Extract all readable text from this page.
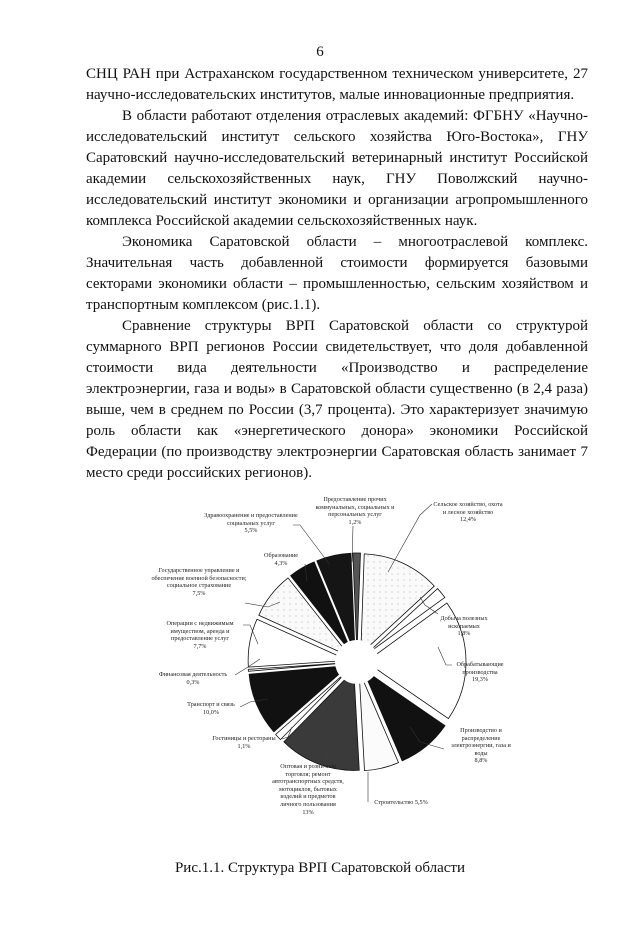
6

СНЦ РАН при Астраханском государственном техническом университете, 27 научно-исследовательских институтов, малые инновационные предприятия.

В области работают отделения отраслевых академий: ФГБНУ «Научно-исследовательский институт сельского хозяйства Юго-Востока», ГНУ Саратовский научно-исследовательский ветеринарный институт Российской академии сельскохозяйственных наук, ГНУ Поволжский научно-исследовательский институт экономики и организации агропромышленного комплекса Российской академии сельскохозяйственных наук.

Экономика Саратовской области – многоотраслевой комплекс. Значительная часть добавленной стоимости формируется базовыми секторами экономики области – промышленностью, сельским хозяйством и транспортным комплексом (рис.1.1).

Сравнение структуры ВРП Саратовской области со структурой суммарного ВРП регионов России свидетельствует, что доля добавленной стоимости вида деятельности «Производство и распределение электроэнергии, газа и воды» в Саратовской области существенно (в 2,4 раза) выше, чем в среднем по России (3,7 процента). Это характеризует значимую роль области как «энергетического донора» экономики Российской Федерации (по производству электроэнергии Саратовская область занимает 7 место среди российских регионов).

Здравоохранение и предоставление социальных услуг
5,5%
Предоставление прочих коммунальных, социальных и персональных услуг
1,2%
Сельское хозяйство, охота и лесное хозяйство
12,4%
Образование
4,3%
Государственное управление и обеспечение военной безопасности; социальное страхование
7,5%
Операции с недвижимым имуществом, аренда и предоставление услуг
7,7%
Финансовая деятельность
0,3%
Транспорт и связь
10,0%
Гостиницы и рестораны
1,1%
Оптовая и розничная торговля; ремонт автотранспортных средств, мотоциклов, бытовых изделий и предметов личного пользования
13%
Строительство 5,5%
Производство и распределение электроэнергии, газа и воды
8,8%
Добыча полезных ископаемых
1,8%
Обрабатывающие производства
19,3%
Рис.1.1. Структура ВРП Саратовской области
